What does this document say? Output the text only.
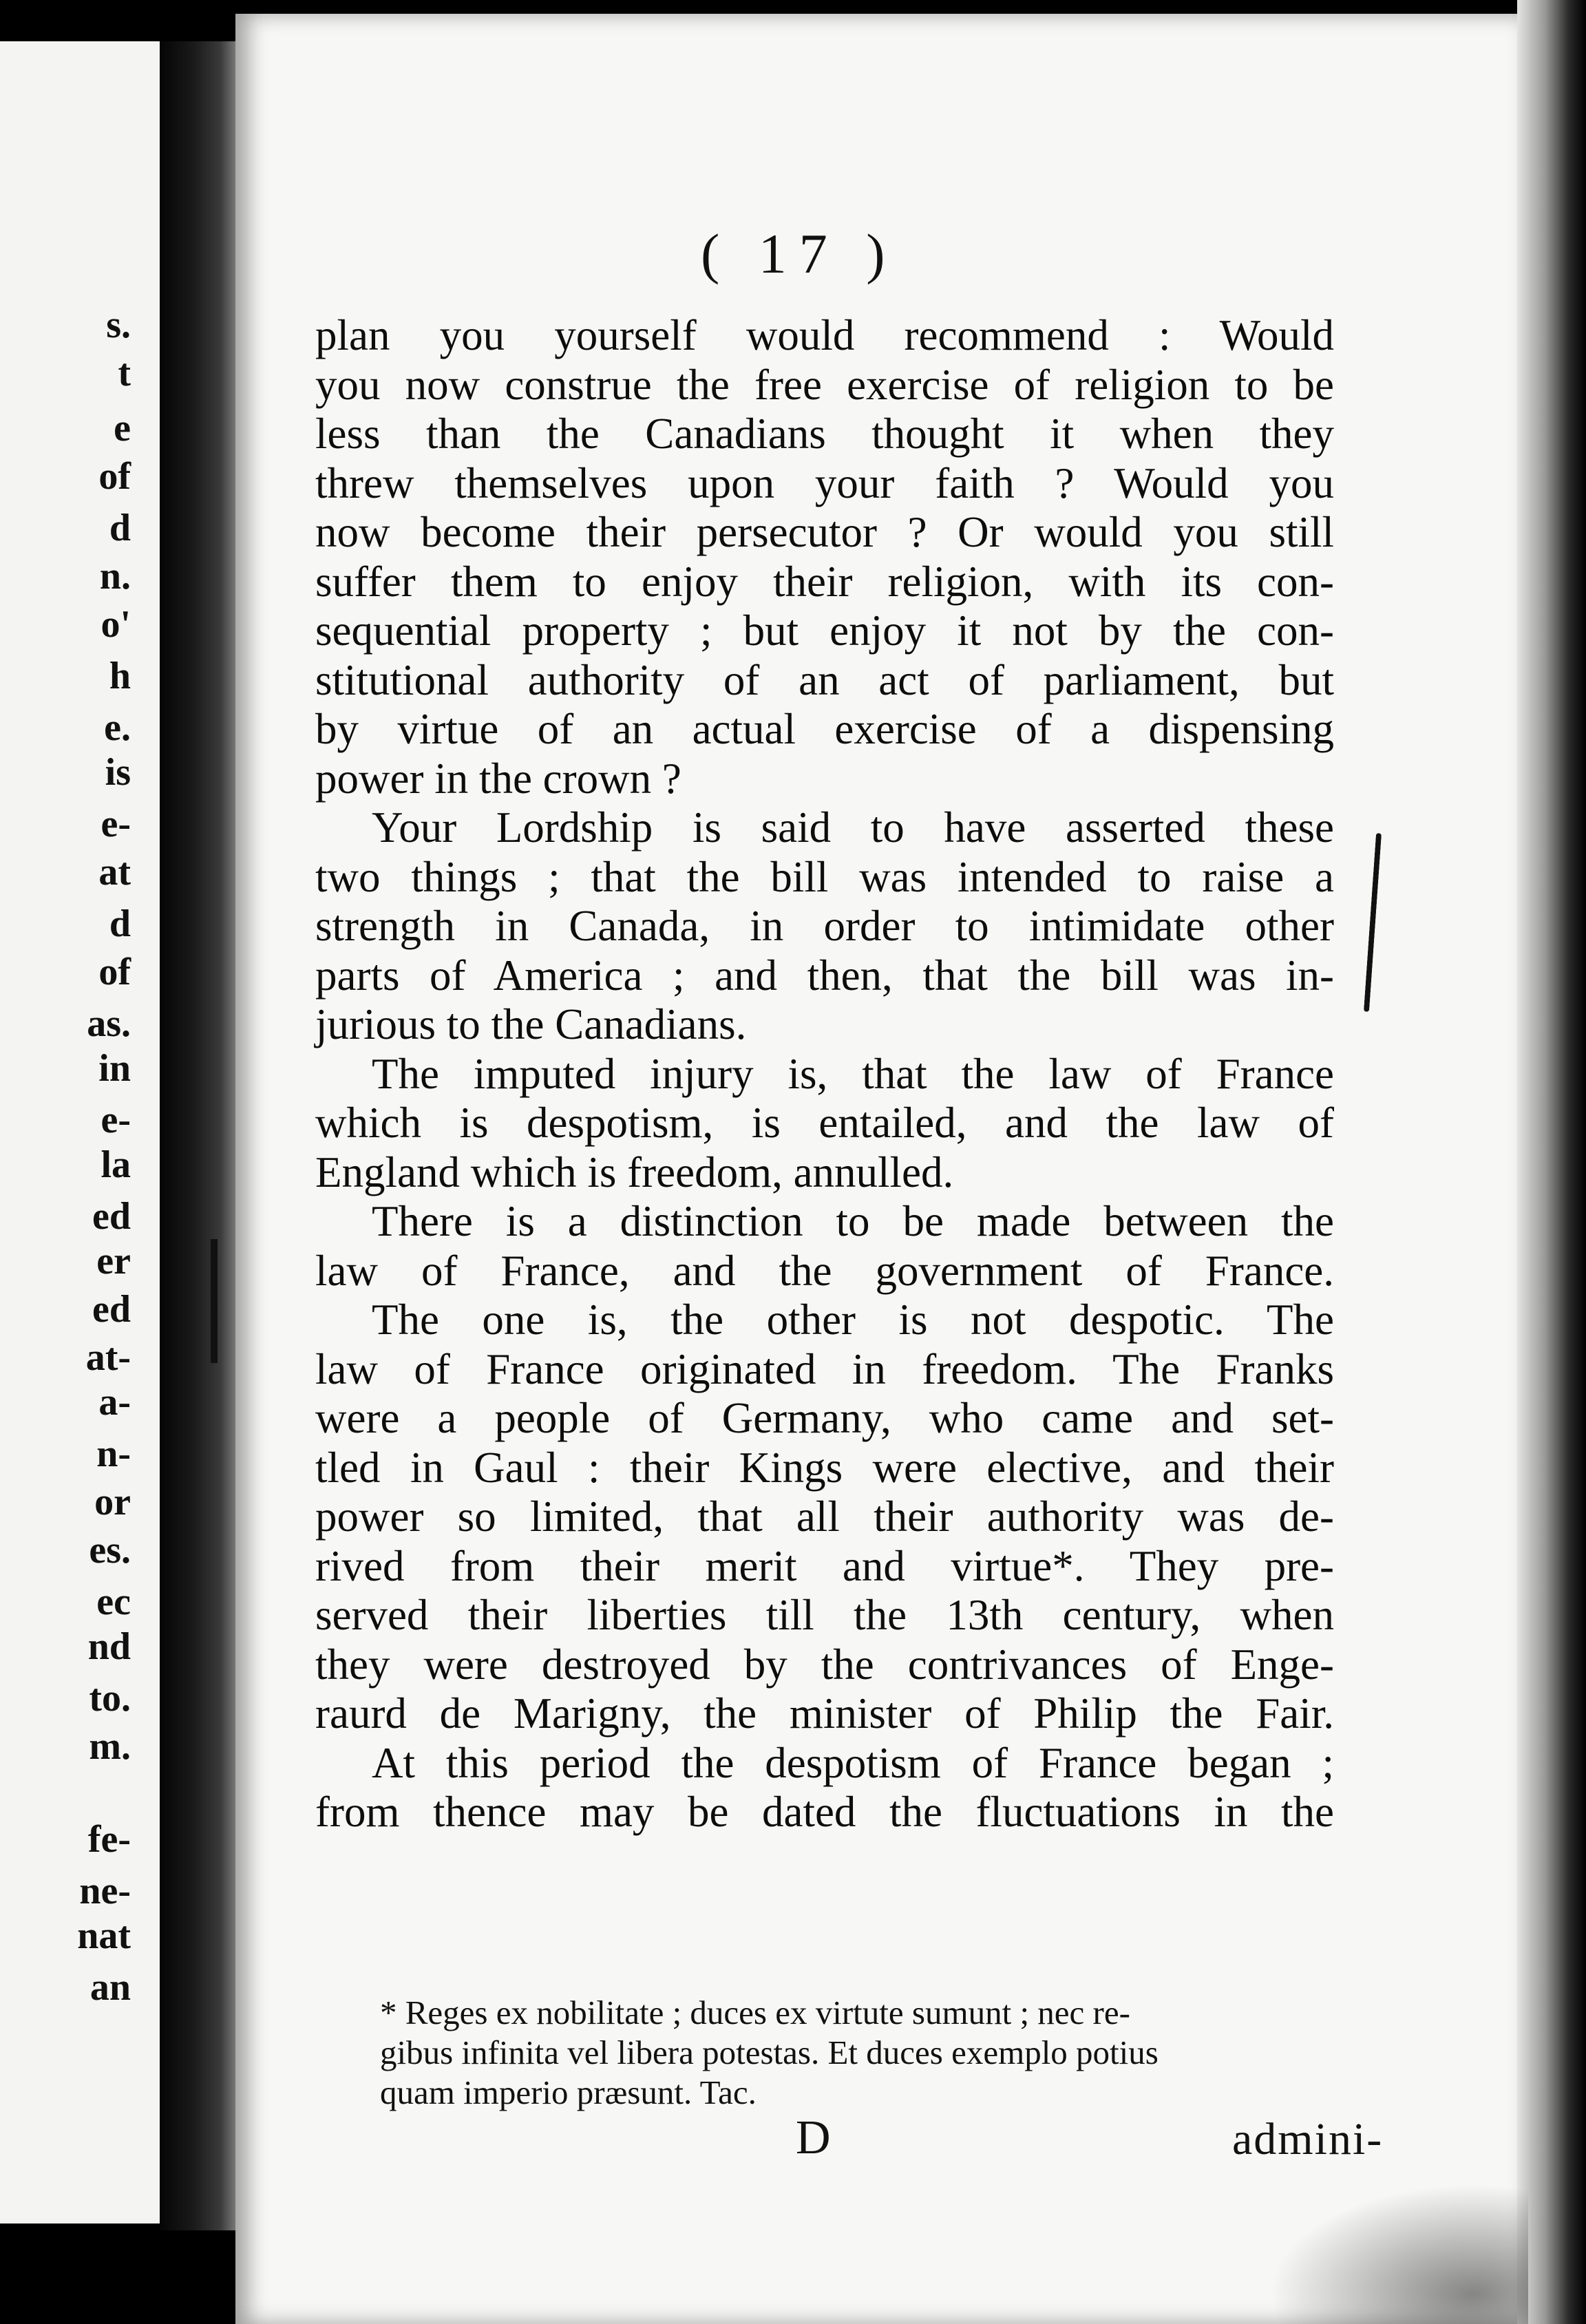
s.
t
e
of
d
n.
o'
h
e.
is
e-
at
d
of
as.
in
e-
la
ed
er
ed
at-
a-
n-
or
es.
ec
nd
to.
m.
fe-
ne-
nat
an
( 17 )
plan you yourself would recommend : Would
you now construe the free exercise of religion to be
less than the Canadians thought it when they
threw themselves upon your faith ? Would you
now become their persecutor ? Or would you still
suffer them to enjoy their religion, with its con-
sequential property ; but enjoy it not by the con-
stitutional authority of an act of parliament, but
by virtue of an actual exercise of a dispensing
power in the crown ?
Your Lordship is said to have asserted these
two things ; that the bill was intended to raise a
strength in Canada, in order to intimidate other
parts of America ; and then, that the bill was in-
jurious to the Canadians.
The imputed injury is, that the law of France
which is despotism, is entailed, and the law of
England which is freedom, annulled.
There is a distinction to be made between the
law of France, and the government of France.
The one is, the other is not despotic. The
law of France originated in freedom. The Franks
were a people of Germany, who came and set-
tled in Gaul : their Kings were elective, and their
power so limited, that all their authority was de-
rived from their merit and virtue*. They pre-
served their liberties till the 13th century, when
they were destroyed by the contrivances of Enge-
raurd de Marigny, the minister of Philip the Fair.
At this period the despotism of France began ;
from thence may be dated the fluctuations in the
* Reges ex nobilitate ; duces ex virtute sumunt ; nec re-
gibus infinita vel libera potestas. Et duces exemplo potius
quam imperio præsunt. Tac.
D	admini-
